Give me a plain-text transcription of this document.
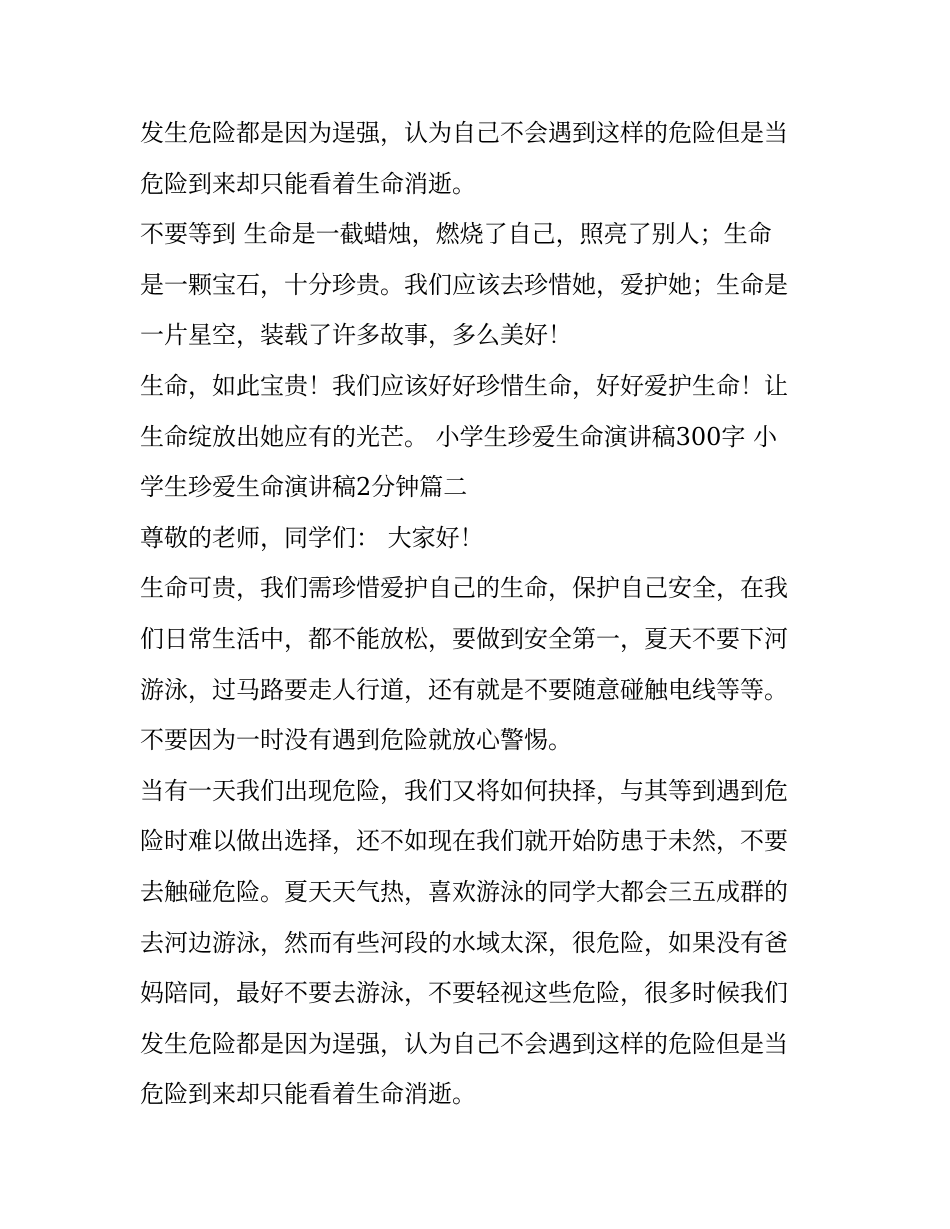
发生危险都是因为逞强，认为自己不会遇到这样的危险但是当
危险到来却只能看着生命消逝。
不要等到 生命是一截蜡烛，燃烧了自己，照亮了别人；生命
是一颗宝石，十分珍贵。我们应该去珍惜她，爱护她；生命是
一片星空，装载了许多故事，多么美好！
生命，如此宝贵！我们应该好好珍惜生命，好好爱护生命！让
生命绽放出她应有的光芒。 小学生珍爱生命演讲稿300字 小
学生珍爱生命演讲稿2分钟篇二
尊敬的老师，同学们： 大家好！
生命可贵，我们需珍惜爱护自己的生命，保护自己安全，在我
们日常生活中，都不能放松，要做到安全第一，夏天不要下河
游泳，过马路要走人行道，还有就是不要随意碰触电线等等。
不要因为一时没有遇到危险就放心警惕。
当有一天我们出现危险，我们又将如何抉择，与其等到遇到危
险时难以做出选择，还不如现在我们就开始防患于未然，不要
去触碰危险。夏天天气热，喜欢游泳的同学大都会三五成群的
去河边游泳，然而有些河段的水域太深，很危险，如果没有爸
妈陪同，最好不要去游泳，不要轻视这些危险，很多时候我们
发生危险都是因为逞强，认为自己不会遇到这样的危险但是当
危险到来却只能看着生命消逝。
